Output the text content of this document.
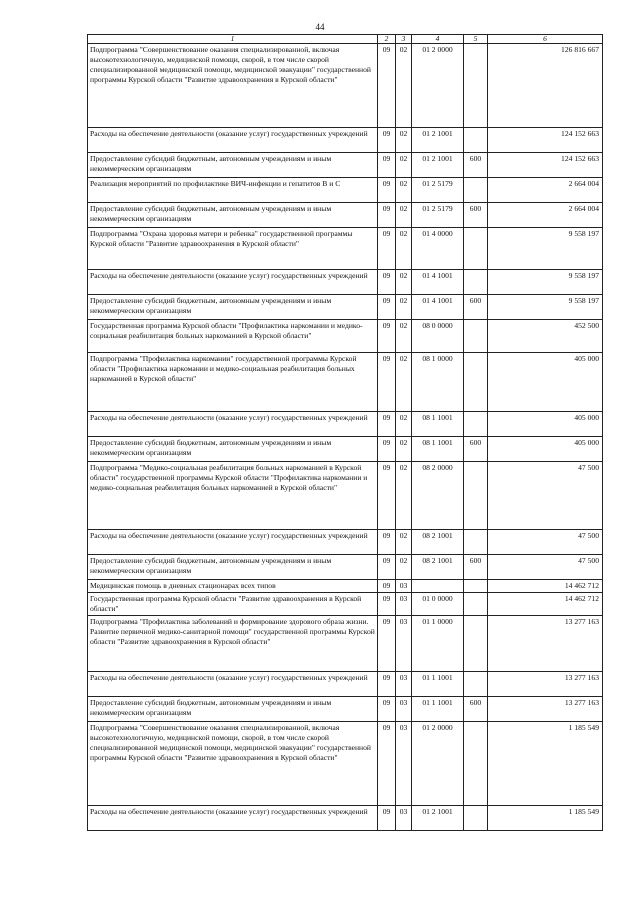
44
1	2	3	4	5	6
Подпрограмма "Совершенствование оказания специализированной, включая высокотехнологичную, медицинской помощи, скорой, в том числе скорой специализированной медицинской помощи, медицинской эвакуации" государственной программы Курской области "Развитие здравоохранения в Курской области"	09	02	01 2 0000		126 816 667
Расходы на обеспечение деятельности (оказание услуг) государственных учреждений	09	02	01 2 1001		124 152 663
Предоставление субсидий бюджетным, автономным учреждениям и иным некоммерческим организациям	09	02	01 2 1001	600	124 152 663
Реализация мероприятий по профилактике ВИЧ-инфекции и гепатитов В и С	09	02	01 2 5179		2 664 004
Предоставление субсидий бюджетным, автономным учреждениям и иным некоммерческим организациям	09	02	01 2 5179	600	2 664 004
Подпрограмма "Охрана здоровья матери и ребенка" государственной программы Курской области "Развитие здравоохранения в Курской области"	09	02	01 4 0000		9 558 197
Расходы на обеспечение деятельности (оказание услуг) государственных учреждений	09	02	01 4 1001		9 558 197
Предоставление субсидий бюджетным, автономным учреждениям и иным некоммерческим организациям	09	02	01 4 1001	600	9 558 197
Государственная программа Курской области "Профилактика наркомании и медико-социальная реабилитация больных наркоманией в Курской области"	09	02	08 0 0000		452 500
Подпрограмма "Профилактика наркомании" государственной программы Курской области "Профилактика наркомании и медико-социальная реабилитация больных наркоманией в Курской области"	09	02	08 1 0000		405 000
Расходы на обеспечение деятельности (оказание услуг) государственных учреждений	09	02	08 1 1001		405 000
Предоставление субсидий бюджетным, автономным учреждениям и иным некоммерческим организациям	09	02	08 1 1001	600	405 000
Подпрограмма "Медико-социальная реабилитация больных наркоманией в Курской области" государственной программы Курской области "Профилактика наркомании и медико-социальная реабилитация больных наркоманией в Курской области"	09	02	08 2 0000		47 500
Расходы на обеспечение деятельности (оказание услуг) государственных учреждений	09	02	08 2 1001		47 500
Предоставление субсидий бюджетным, автономным учреждениям и иным некоммерческим организациям	09	02	08 2 1001	600	47 500
Медицинская помощь в дневных стационарах всех типов	09	03			14 462 712
Государственная программа Курской области "Развитие здравоохранения в Курской области"	09	03	01 0 0000		14 462 712
Подпрограмма "Профилактика заболеваний и формирование здорового образа жизни. Развитие первичной медико-санитарной помощи" государственной программы Курской области "Развитие здравоохранения в Курской области"	09	03	01 1 0000		13 277 163
Расходы на обеспечение деятельности (оказание услуг) государственных учреждений	09	03	01 1 1001		13 277 163
Предоставление субсидий бюджетным, автономным учреждениям и иным некоммерческим организациям	09	03	01 1 1001	600	13 277 163
Подпрограмма "Совершенствование оказания специализированной, включая высокотехнологичную, медицинской помощи, скорой, в том числе скорой специализированной медицинской помощи, медицинской эвакуации" государственной программы Курской области "Развитие здравоохранения в Курской области"	09	03	01 2 0000		1 185 549
Расходы на обеспечение деятельности (оказание услуг) государственных учреждений	09	03	01 2 1001		1 185 549
